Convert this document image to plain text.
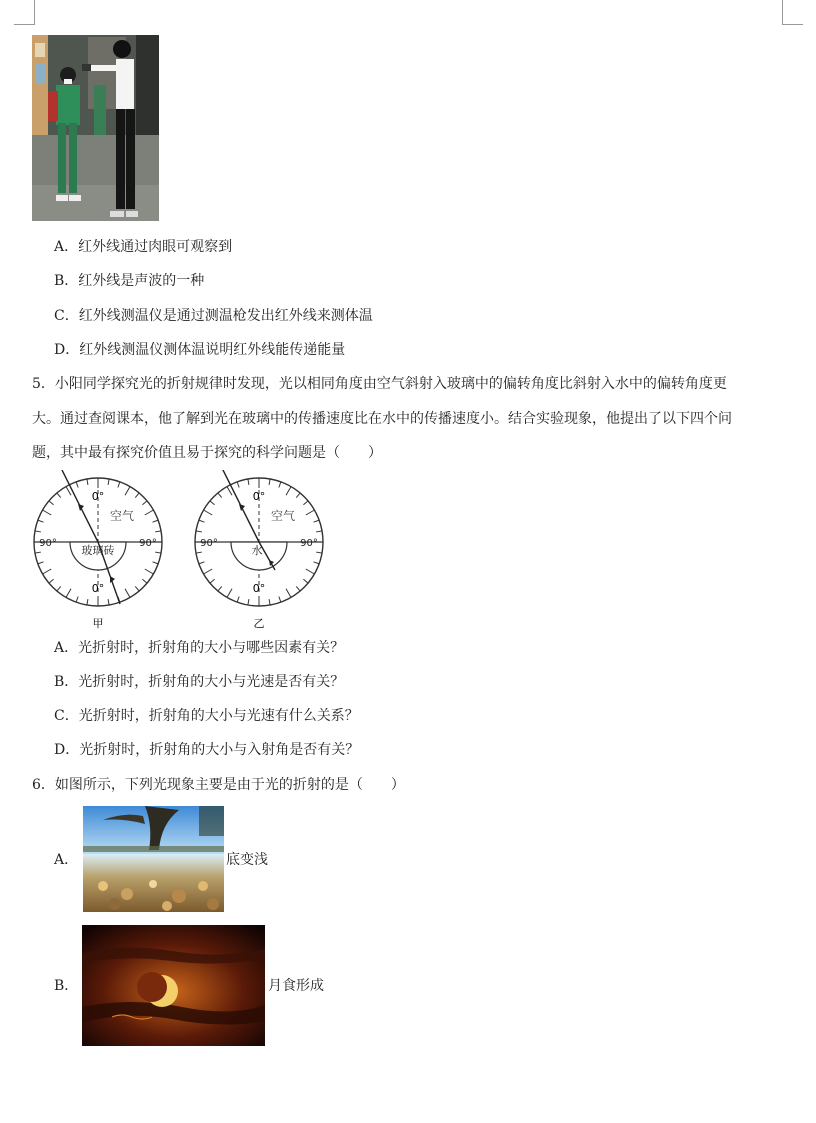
A．红外线通过肉眼可观察到
B．红外线是声波的一种
C．红外线测温仪是通过测温枪发出红外线来测体温
D．红外线测温仪测体温说明红外线能传递能量
5．小阳同学探究光的折射规律时发现，光以相同角度由空气斜射入玻璃中的偏转角度比斜射入水中的偏转角度更
大。通过查阅课本，他了解到光在玻璃中的传播速度比在水中的传播速度小。结合实验现象，他提出了以下四个问
题，其中最有探究价值且易于探究的科学问题是（　　）
0°
0°
90°	90°
空气
玻璃砖
甲
0°
0°
90°	90°
空气
水
乙
A．光折射时，折射角的大小与哪些因素有关？
B．光折射时，折射角的大小与光速是否有关？
C．光折射时，折射角的大小与光速有什么关系？
D．光折射时，折射角的大小与入射角是否有关？
6．如图所示，下列光现象主要是由于光的折射的是（　　）
A．	底变浅
B．	月食形成
